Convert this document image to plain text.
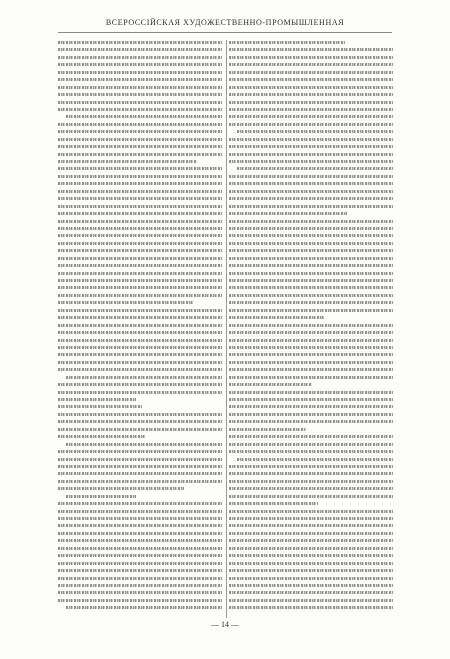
ВСЕРОССІЙСКАЯ ХУДОЖЕСТВЕННО-ПРОМЫШЛЕННАЯ
— 14 —
